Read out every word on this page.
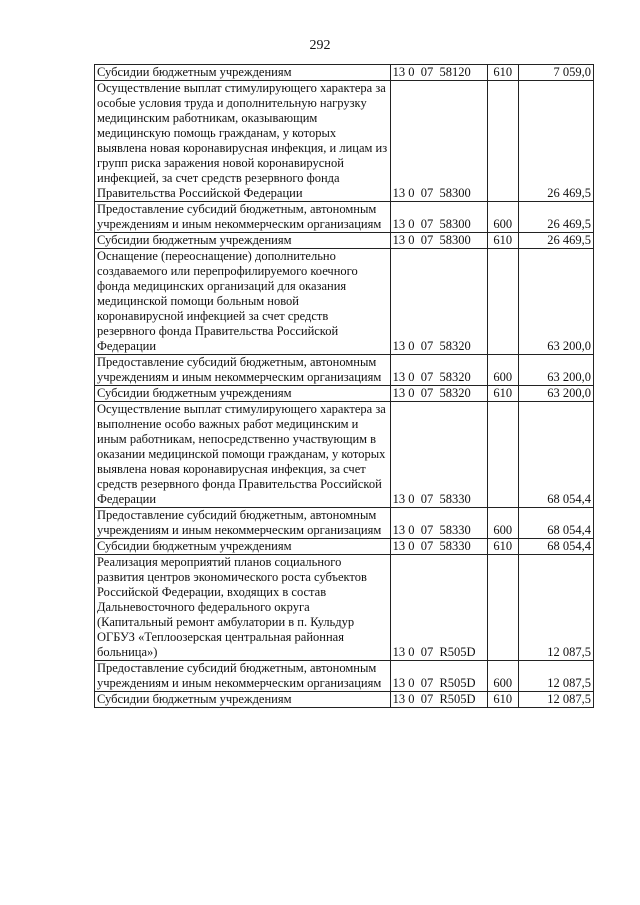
292
Субсидии бюджетным учреждениям	13 0  07  58120	610	7 059,0
Осуществление выплат стимулирующего характера за особые условия труда и дополнительную нагрузку медицинским работникам, оказывающим медицинскую помощь гражданам, у которых выявлена новая коронавирусная инфекция, и лицам из групп риска заражения новой коронавирусной инфекцией, за счет средств резервного фонда Правительства Российской Федерации	13 0  07  58300		26 469,5
Предоставление субсидий бюджетным, автономным учреждениям и иным некоммерческим организациям	13 0  07  58300	600	26 469,5
Субсидии бюджетным учреждениям	13 0  07  58300	610	26 469,5
Оснащение (переоснащение) дополнительно создаваемого или перепрофилируемого коечного фонда медицинских организаций для оказания медицинской помощи больным новой коронавирусной инфекцией за счет средств резервного фонда Правительства Российской Федерации	13 0  07  58320		63 200,0
Предоставление субсидий бюджетным, автономным учреждениям и иным некоммерческим организациям	13 0  07  58320	600	63 200,0
Субсидии бюджетным учреждениям	13 0  07  58320	610	63 200,0
Осуществление выплат стимулирующего характера за выполнение особо важных работ медицинским и иным работникам, непосредственно участвующим в оказании медицинской помощи гражданам, у которых выявлена новая коронавирусная инфекция, за счет средств резервного фонда Правительства Российской Федерации	13 0  07  58330		68 054,4
Предоставление субсидий бюджетным, автономным учреждениям и иным некоммерческим организациям	13 0  07  58330	600	68 054,4
Субсидии бюджетным учреждениям	13 0  07  58330	610	68 054,4
Реализация мероприятий планов социального развития центров экономического роста субъектов Российской Федерации, входящих в состав Дальневосточного федерального округа (Капитальный ремонт амбулатории в п. Кульдур ОГБУЗ «Теплоозерская центральная районная больница»)	13 0  07  R505D		12 087,5
Предоставление субсидий бюджетным, автономным учреждениям и иным некоммерческим организациям	13 0  07  R505D	600	12 087,5
Субсидии бюджетным учреждениям	13 0  07  R505D	610	12 087,5
